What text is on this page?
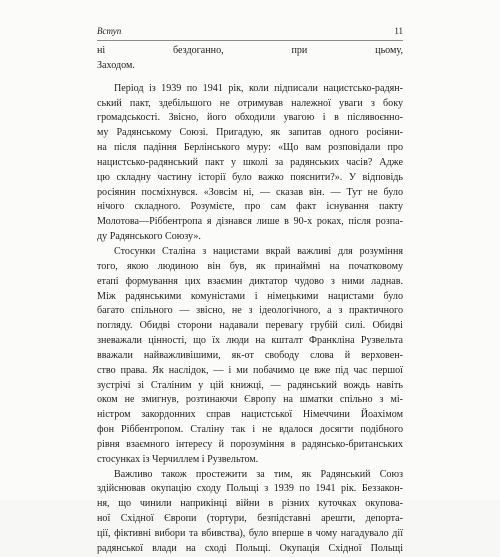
Вступ	11
ні бездоганно, при цьому,
Заходом.
Період із 1939 по 1941 рік, коли підписали нацистсько-радян-
ський пакт, здебільшого не отримував належної уваги з боку
громадськості. Звісно, його обходили увагою і в післявоєнно-
му Радянському Союзі. Пригадую, як запитав одного росіяни-
на після падіння Берлінського муру: «Що вам розповідали про
нацистсько-радянський пакт у школі за радянських часів? Адже
цю складну частину історії було важко пояснити?». У відповідь
росіянин посміхнувся. «Зовсім ні, — сказав він. — Тут не було
нічого складного. Розумієте, про сам факт існування пакту
Молотова—Ріббентропа я дізнався лише в 90-х роках, після розпа-
ду Радянського Союзу».
Стосунки Сталіна з нацистами вкрай важливі для розуміння
того, якою людиною він був, як принаймні на початковому
етапі формування цих взаємин диктатор чудово з ними ладнав.
Між радянськими комуністами і німецькими нацистами було
багато спільного — звісно, не з ідеологічного, а з практичного
погляду. Обидві сторони надавали перевагу грубій силі. Обидві
зневажали цінності, що їх люди на кшталт Франкліна Рузвельта
вважали найважливішими, як-от свободу слова й верховен-
ство права. Як наслідок, — і ми побачимо це вже під час першої
зустрічі зі Сталіним у цій книжці, — радянський вождь навіть
оком не змигнув, розтинаючи Європу на шматки спільно з мі-
ністром закордонних справ нацистської Німеччини Йоахімом
фон Ріббентропом. Сталіну так і не вдалося досягти подібного
рівня взаємного інтересу й порозуміння в радянсько-британських
стосунках із Черчиллем і Рузвельтом.
Важливо також простежити за тим, як Радянський Союз
здійснював окупацію сходу Польщі з 1939 по 1941 рік. Беззакон-
ня, що чинили наприкінці війни в різних куточках окупова-
ної Східної Європи (тортури, безпідставні арешти, депорта-
ції, фіктивні вибори та вбивства), було вперше в чому нагадувало дії
радянської влади на сході Польщі. Окупація Східної Польщі
